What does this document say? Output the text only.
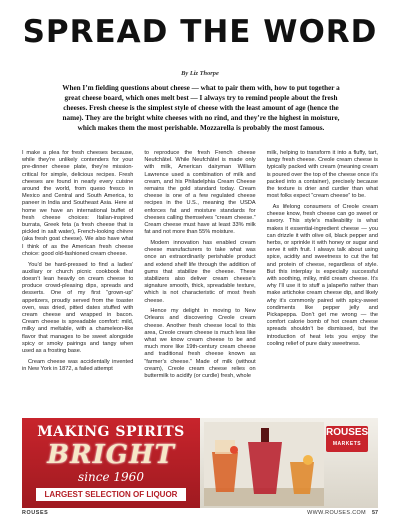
SPREAD THE WORD
By Liz Thorpe
When I’m fielding questions about cheese — what to pair them with, how to put together a great cheese board, which ones melt best — I always try to remind people about the fresh cheeses. Fresh cheese is the simplest style of cheese with the least amount of age (hence the name). They are the bright white cheeses with no rind, and they’re the highest in moisture, which makes them the most perishable. Mozzarella is probably the most famous.

I make a plea for fresh cheeses because, while they’re unlikely contenders for your pre-dinner cheese plate, they’re mission-critical for simple, delicious recipes. Fresh cheeses are found in nearly every cuisine around the world, from queso fresco in Mexico and Central and South America, to paneer in India and Southeast Asia. Here at home we have an international buffet of fresh cheese choices: Italian-inspired burrata, Greek feta (a fresh cheese that is pickled in salt water), French-looking chèvre (aka fresh goat cheese). We also have what I think of as the American fresh cheese choice: good old-fashioned cream cheese.

You’d be hard-pressed to find a ladies’ auxiliary or church picnic cookbook that doesn’t lean heavily on cream cheese to produce crowd-pleasing dips, spreads and desserts. One of my first “grown-up” appetizers, proudly served from the toaster oven, was dried, pitted dates stuffed with cream cheese and wrapped in bacon. Cream cheese is spreadable comfort: mild, milky and meltable, with a chameleon-like flavor that manages to be sweet alongside spicy or smoky pairings and tangy when used as a frosting base.

Cream cheese was accidentally invented in New York in 1872, a failed attempt

to reproduce the fresh French cheese Neufchâtel. While Neufchâtel is made only with milk, American dairyman William Lawrence used a combination of milk and cream, and his Philadelphia Cream Cheese remains the gold standard today. Cream cheese is one of a few regulated cheese recipes in the U.S., meaning the USDA enforces fat and moisture standards for cheeses calling themselves “cream cheese.” Cream cheese must have at least 33% milk fat and not more than 55% moisture.

Modern innovation has enabled cream cheese manufacturers to take what was once an extraordinarily perishable product and extend shelf life through the addition of gums that stabilize the cheese. These stabilizers also deliver cream cheese’s signature smooth, thick, spreadable texture, which is not characteristic of most fresh cheese.

Hence my delight in moving to New Orleans and discovering Creole cream cheese. Another fresh cheese local to this area, Creole cream cheese is much less like what we know cream cheese to be and much more like 19th-century cream cheese and traditional fresh cheese known as “farmer’s cheese.” Made of milk (without cream), Creole cream cheese relies on buttermilk to acidify (or curdle) fresh, whole

milk, helping to transform it into a fluffy, tart, tangy fresh cheese. Creole cream cheese is typically packed with cream (meaning cream is poured over the top of the cheese once it’s packed into a container), precisely because the texture is drier and curdier than what most folks expect “cream cheese” to be.

As lifelong consumers of Creole cream cheese know, fresh cheese can go sweet or savory. This style’s malleability is what makes it essential-ingredient cheese — you can drizzle it with olive oil, black pepper and herbs, or sprinkle it with honey or sugar and serve it with fruit. I always talk about using spice, acidity and sweetness to cut the fat and protein of cheese, regardless of style. But this interplay is especially successful with soothing, milky, mild cream cheese. It’s why I’ll use it to stuff a jalapeño rather than make artichoke cream cheese dip, and likely why it’s commonly paired with spicy-sweet condiments like pepper jelly and Pickapeppa. Don’t get me wrong — the comfort calorie bomb of hot cream cheese spreads shouldn’t be dismissed, but the introduction of heat lets you enjoy the cooling relief of pure dairy sweetness.

MAKING SPIRITS
BRIGHT
since 1960
LARGEST SELECTION OF LIQUOR
ROUSES
MARKETS
ROUSES	WWW.ROUSES.COM 57
